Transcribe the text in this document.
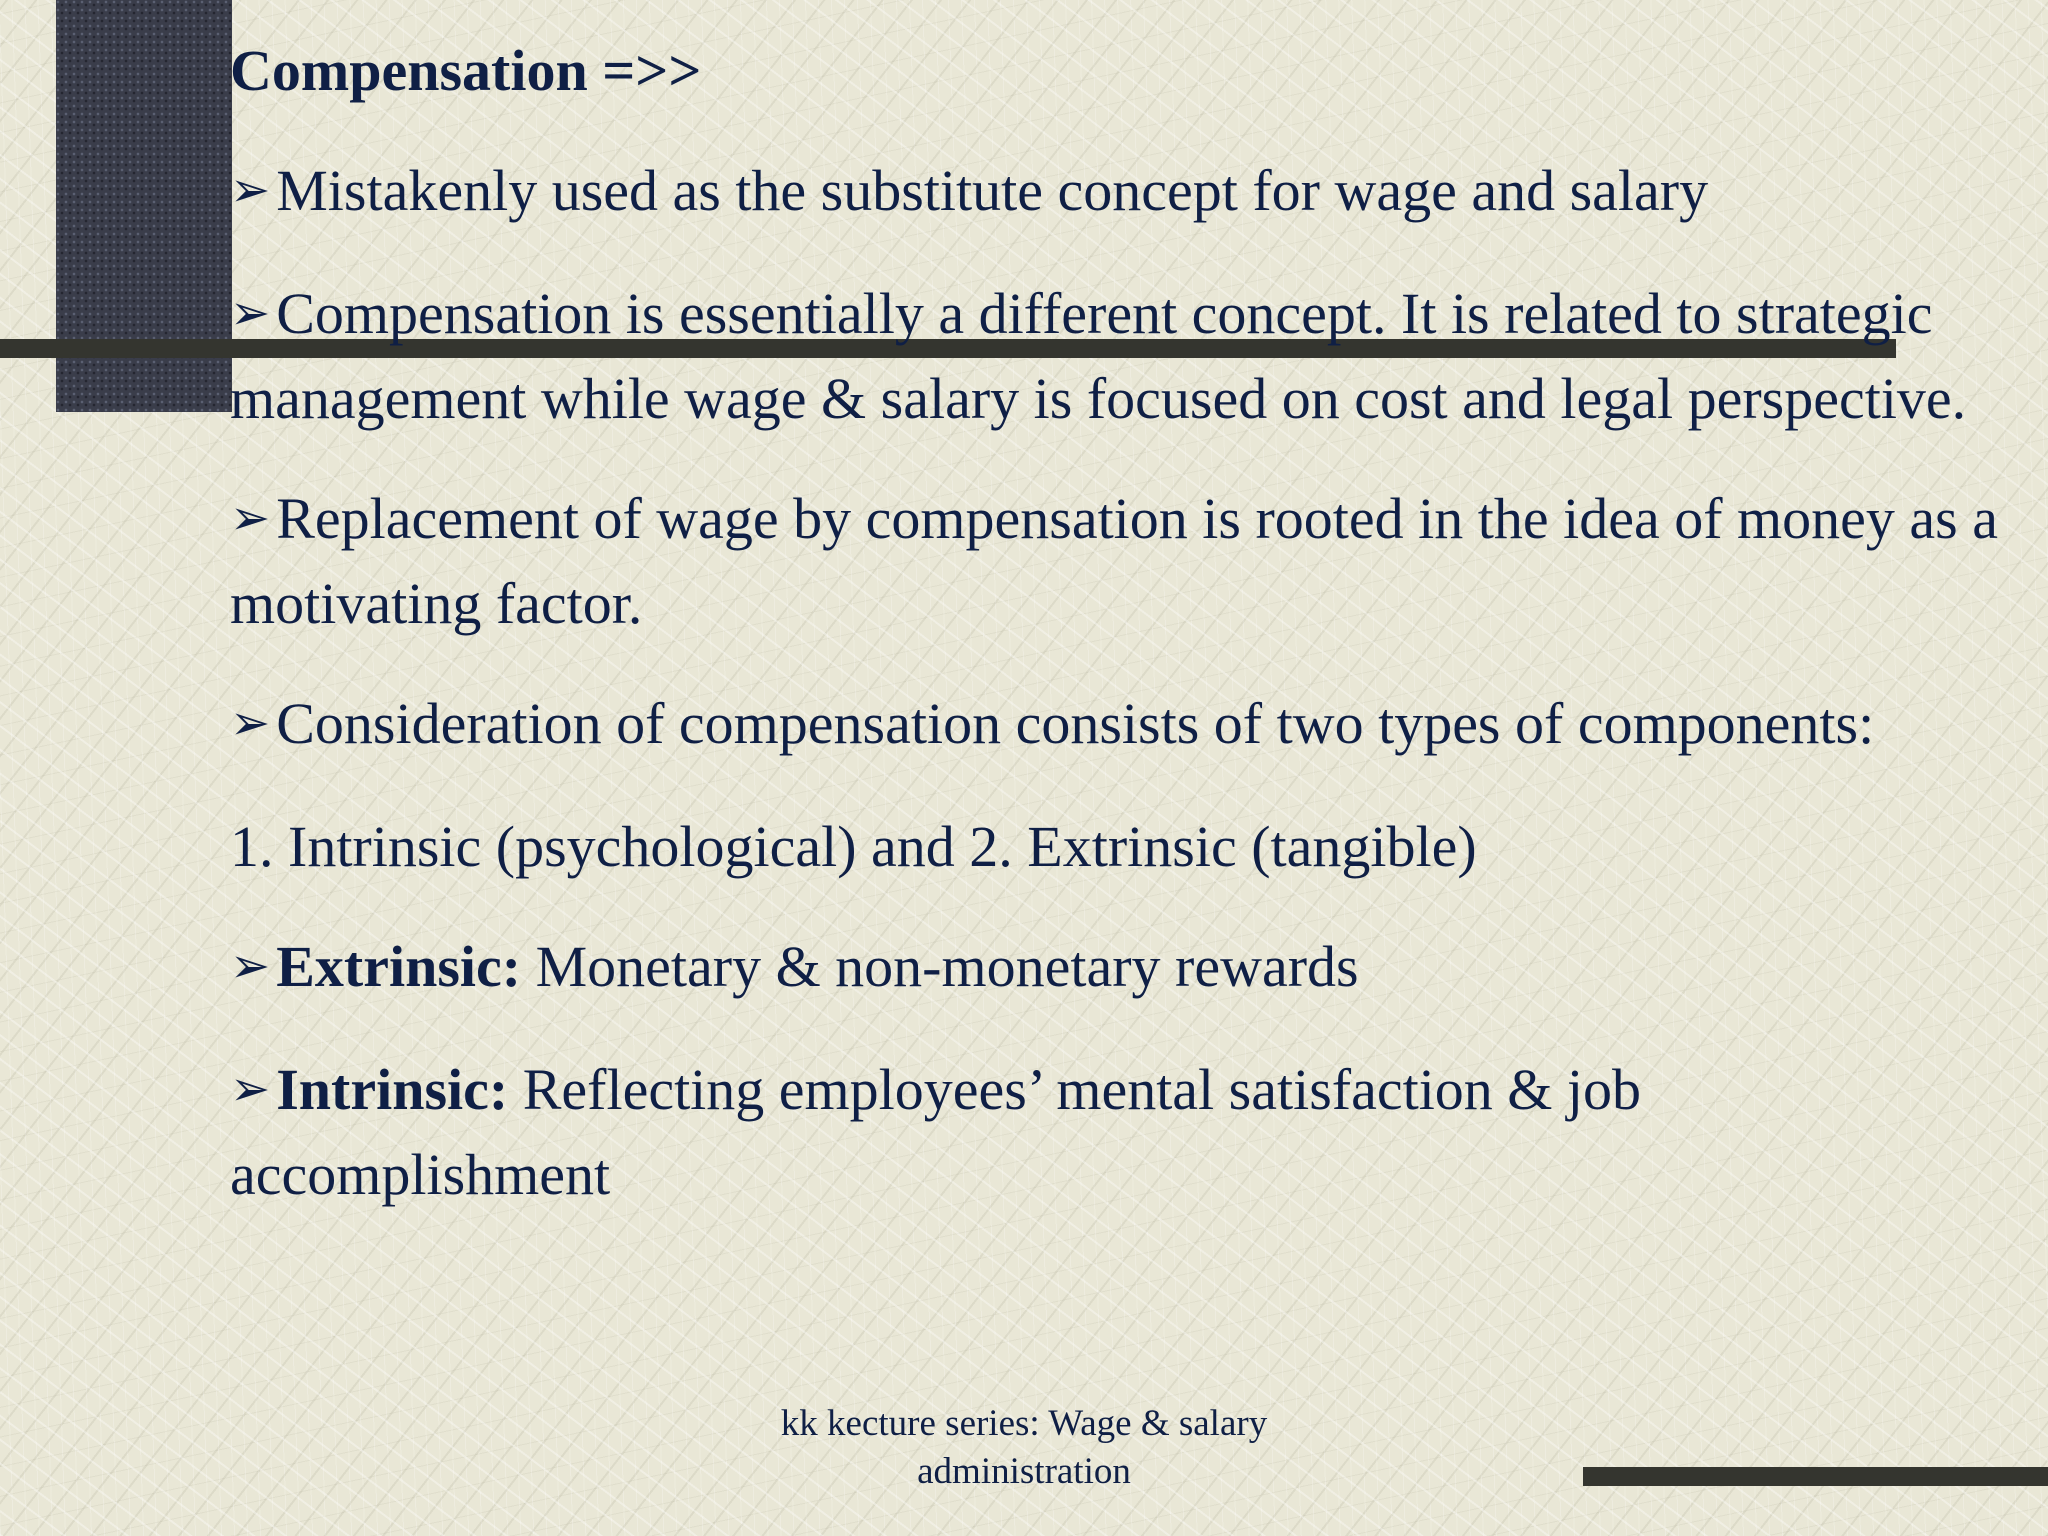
Compensation =>>
➢ Mistakenly used as the substitute concept for wage and salary
➢ Compensation is essentially a different concept. It is related to strategic management while wage & salary is focused on cost and legal perspective.
➢ Replacement of wage by compensation is rooted in the idea of money as a motivating factor.
➢ Consideration of compensation consists of two types of components:
1. Intrinsic (psychological) and 2. Extrinsic (tangible)
➢ Extrinsic: Monetary & non-monetary rewards
➢ Intrinsic: Reflecting employees’ mental satisfaction & job accomplishment
kk kecture series: Wage & salary
administration
